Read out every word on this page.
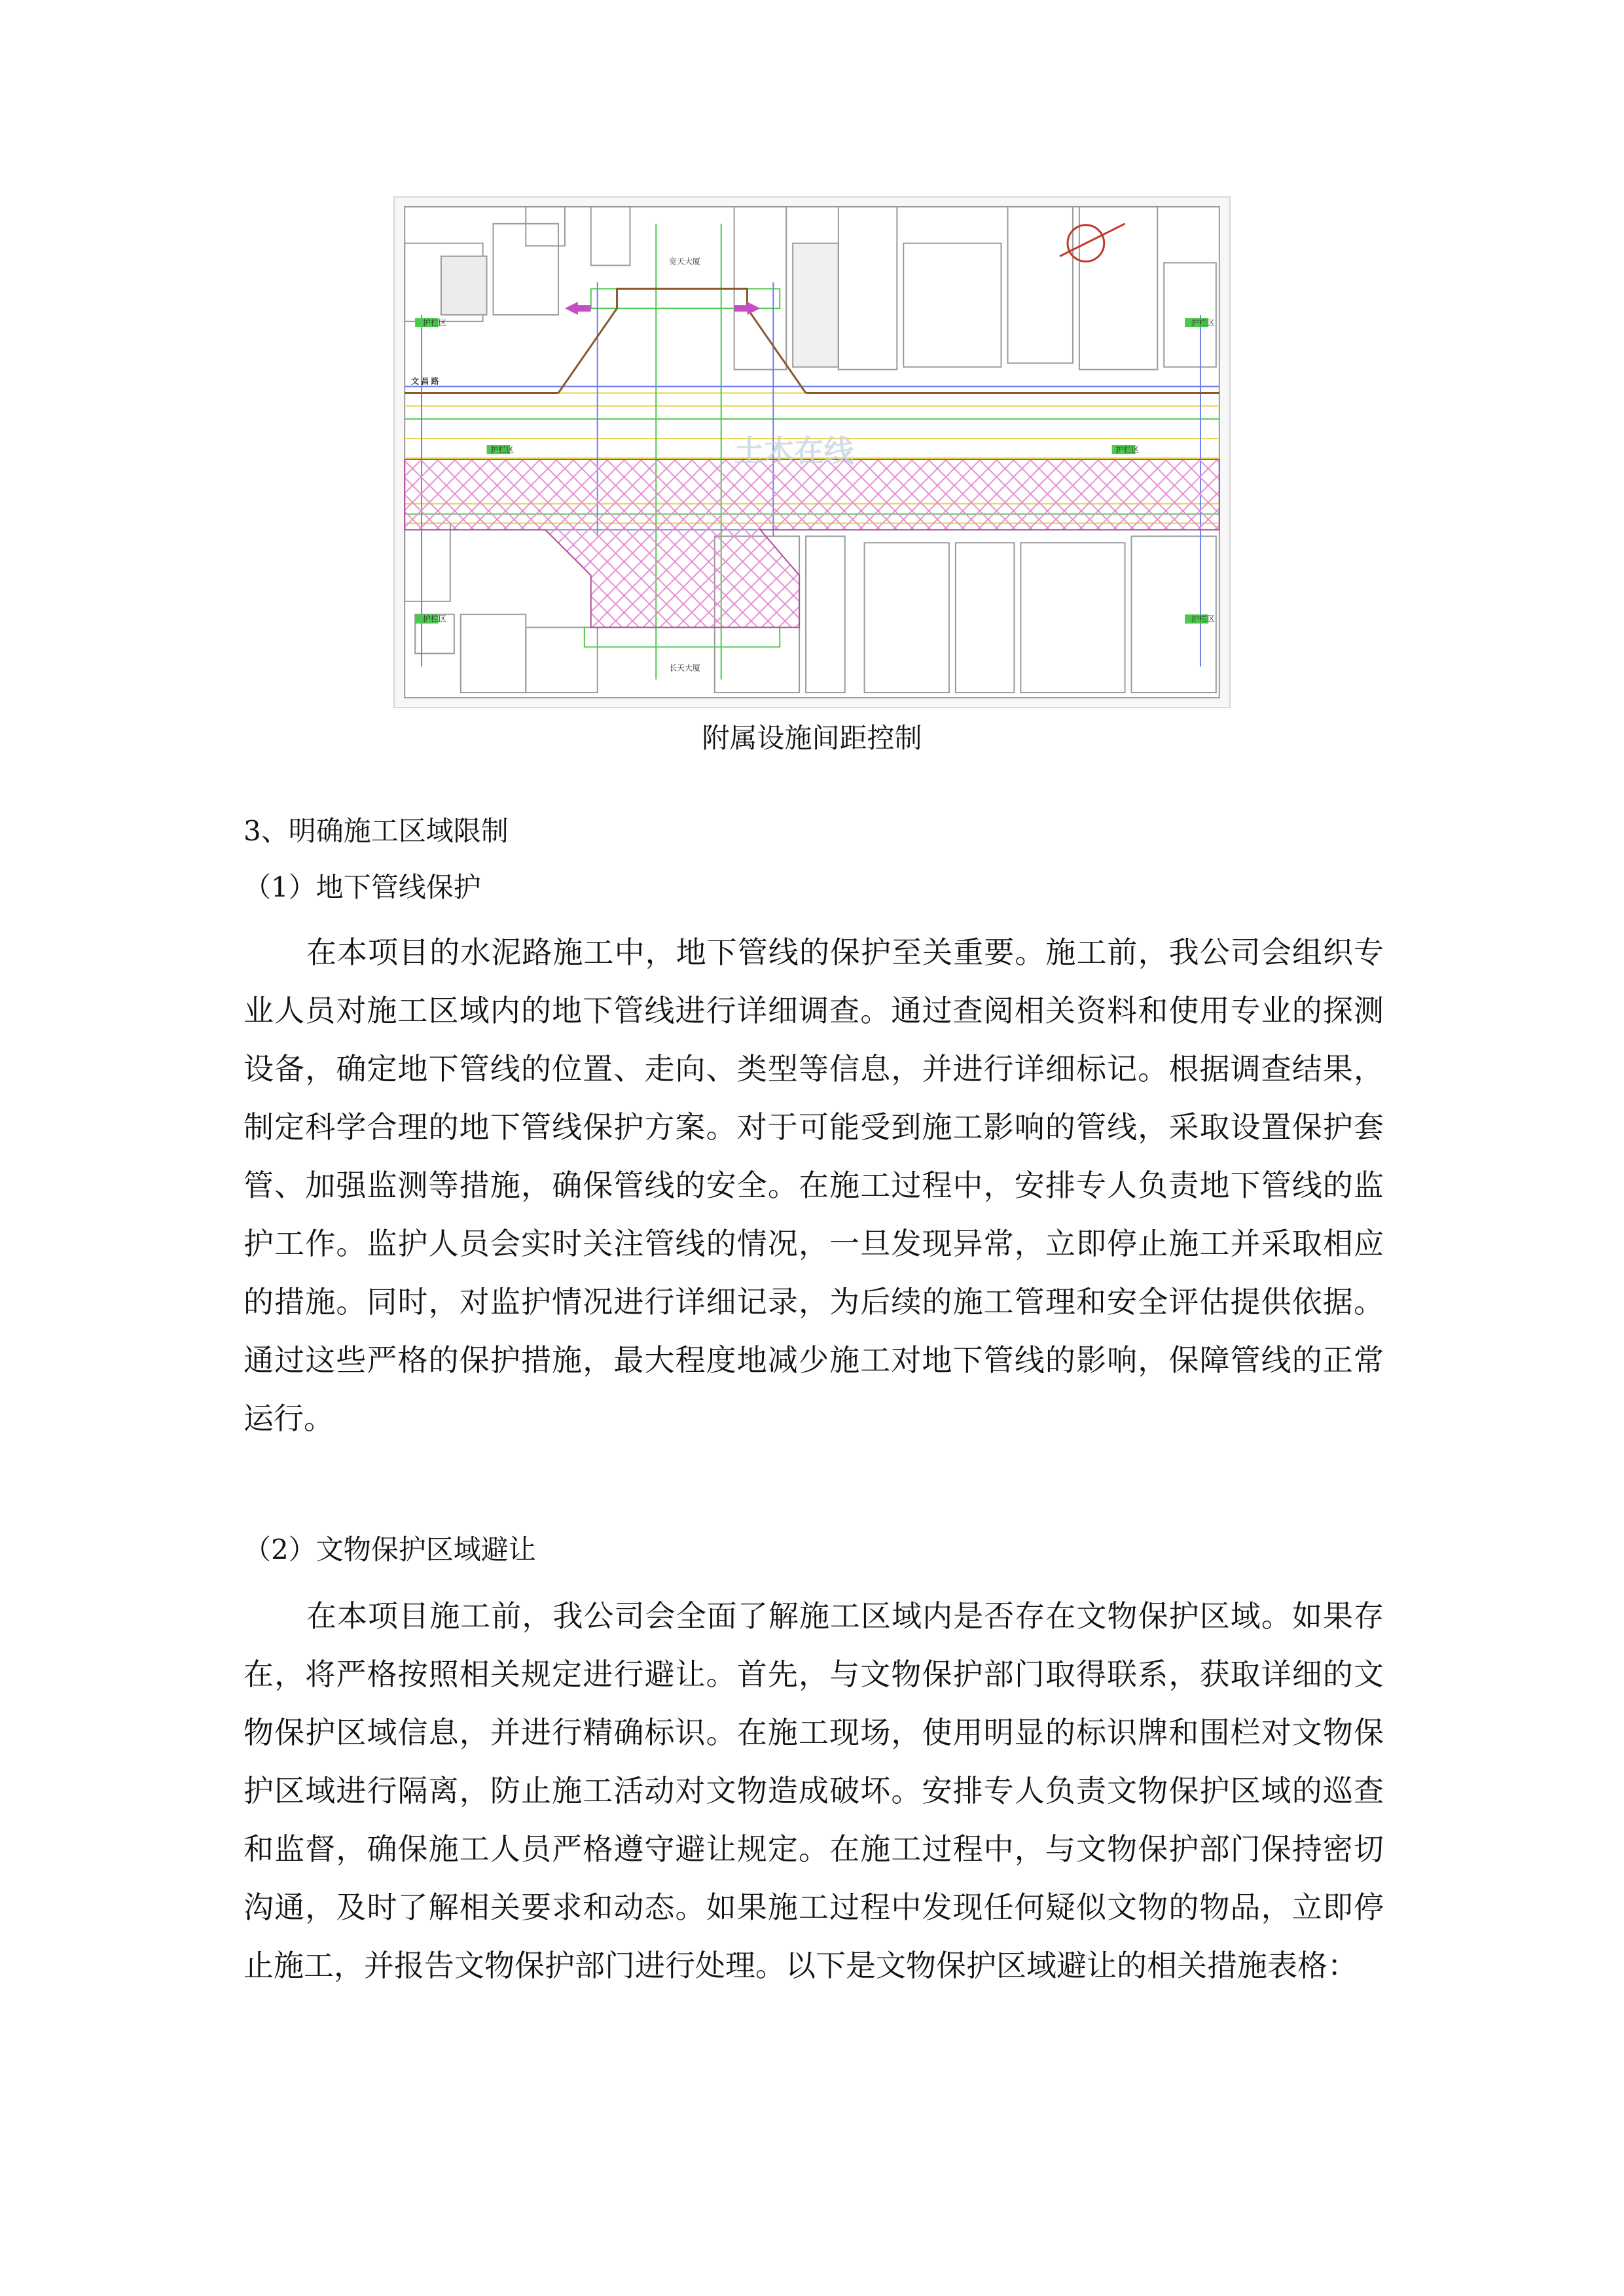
护栏区
护栏区
护栏区
护栏区
护栏区	护栏区
宽天大厦
长天大厦
文 昌 路
土木在线
附属设施间距控制
3、明确施工区域限制
（1）地下管线保护
在本项目的水泥路施工中，地下管线的保护至关重要。施工前，我公司会组织专业人员对施工区域内的地下管线进行详细调查。通过查阅相关资料和使用专业的探测设备，确定地下管线的位置、走向、类型等信息，并进行详细标记。根据调查结果，制定科学合理的地下管线保护方案。对于可能受到施工影响的管线，采取设置保护套管、加强监测等措施，确保管线的安全。在施工过程中，安排专人负责地下管线的监护工作。监护人员会实时关注管线的情况，一旦发现异常，立即停止施工并采取相应的措施。同时，对监护情况进行详细记录，为后续的施工管理和安全评估提供依据。通过这些严格的保护措施，最大程度地减少施工对地下管线的影响，保障管线的正常运行。
（2）文物保护区域避让
在本项目施工前，我公司会全面了解施工区域内是否存在文物保护区域。如果存在，将严格按照相关规定进行避让。首先，与文物保护部门取得联系，获取详细的文物保护区域信息，并进行精确标识。在施工现场，使用明显的标识牌和围栏对文物保护区域进行隔离，防止施工活动对文物造成破坏。安排专人负责文物保护区域的巡查和监督，确保施工人员严格遵守避让规定。在施工过程中，与文物保护部门保持密切沟通，及时了解相关要求和动态。如果施工过程中发现任何疑似文物的物品，立即停止施工，并报告文物保护部门进行处理。以下是文物保护区域避让的相关措施表格：
